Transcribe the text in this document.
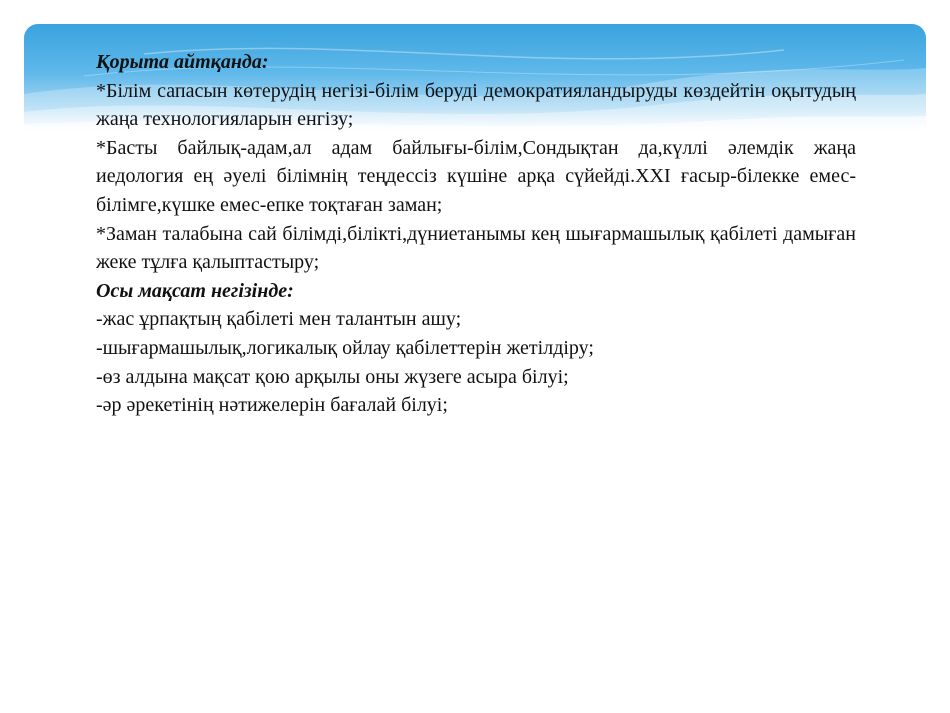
Қорыта айтқанда:

*Білім сапасын көтерудің негізі-білім беруді демократияландыруды көздейтін оқытудың жаңа технологияларын енгізу;

*Басты байлық-адам,ал адам байлығы-білім,Сондықтан да,күллі әлемдік жаңа иедология ең әуелі білімнің теңдессіз күшіне арқа сүйейді.XXI ғасыр-білекке емес-білімге,күшке емес-епке тоқтаған заман;

*Заман талабына сай білімді,білікті,дүниетанымы кең шығармашылық қабілеті дамыған жеке тұлға қалыптастыру;

Осы мақсат негізінде:

-жас ұрпақтың қабілеті мен талантын ашу;

-шығармашылық,логикалық ойлау қабілеттерін жетілдіру;

-өз алдына мақсат қою арқылы оны жүзеге асыра білуі;

-әр әрекетінің нәтижелерін бағалай білуі;
